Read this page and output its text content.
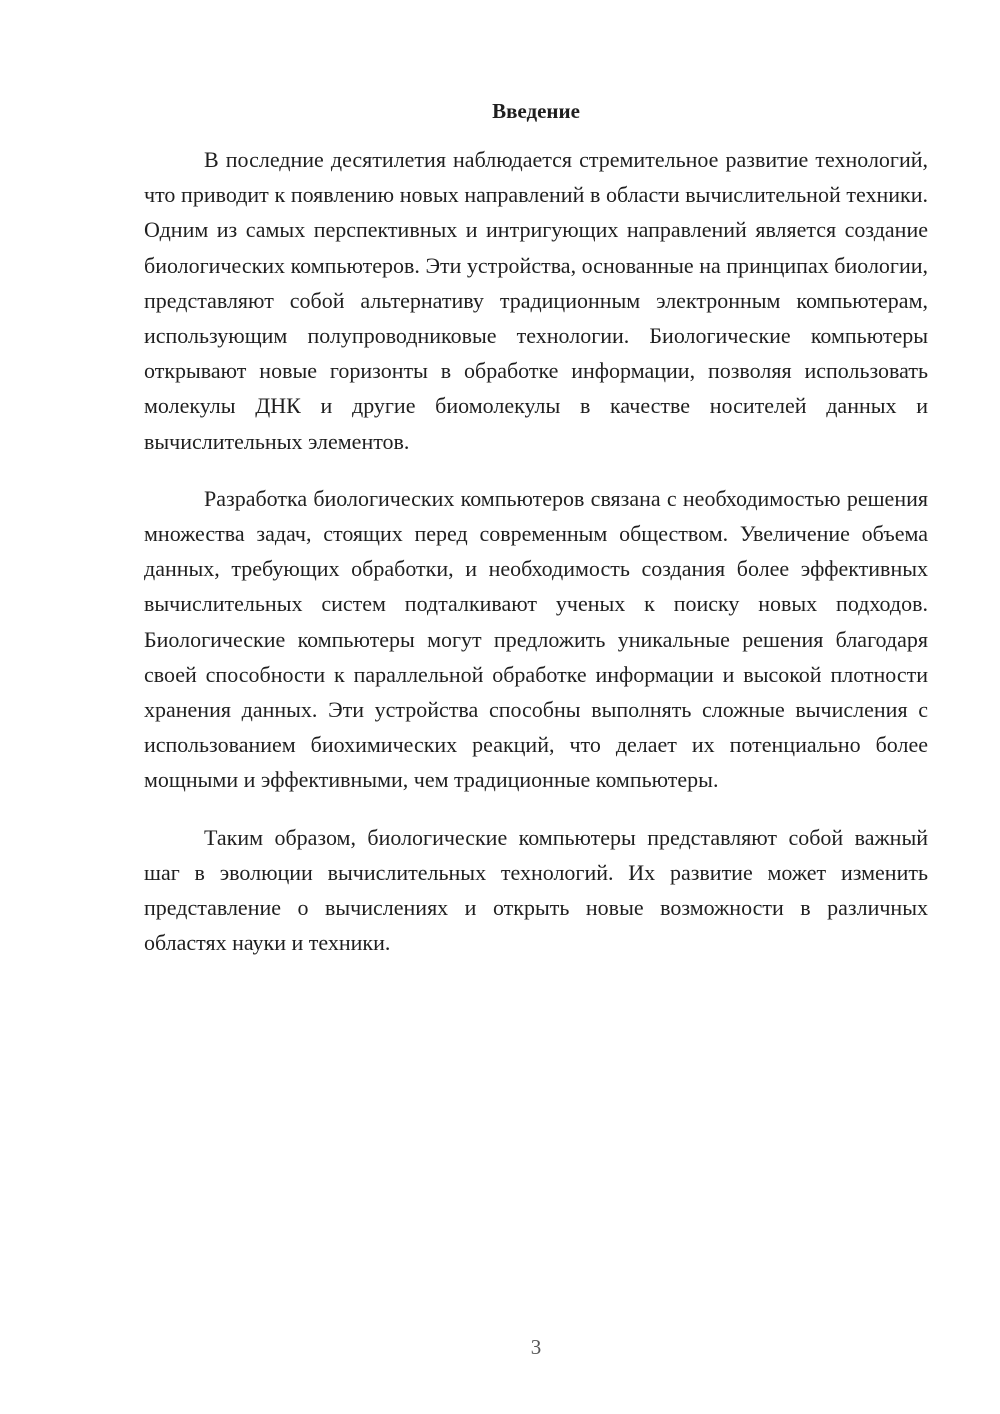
Введение

В последние десятилетия наблюдается стремительное развитие технологий, что приводит к появлению новых направлений в области вычислительной техники. Одним из самых перспективных и интригующих направлений является создание биологических компьютеров. Эти устройства, основанные на принципах биологии, представляют собой альтернативу традиционным электронным компьютерам, использующим полупроводниковые технологии. Биологические компьютеры открывают новые горизонты в обработке информации, позволяя использовать молекулы ДНК и другие биомолекулы в качестве носителей данных и вычислительных элементов.

Разработка биологических компьютеров связана с необходимостью решения множества задач, стоящих перед современным обществом. Увеличение объема данных, требующих обработки, и необходимость создания более эффективных вычислительных систем подталкивают ученых к поиску новых подходов. Биологические компьютеры могут предложить уникальные решения благодаря своей способности к параллельной обработке информации и высокой плотности хранения данных. Эти устройства способны выполнять сложные вычисления с использованием биохимических реакций, что делает их потенциально более мощными и эффективными, чем традиционные компьютеры.

Таким образом, биологические компьютеры представляют собой важный шаг в эволюции вычислительных технологий. Их развитие может изменить представление о вычислениях и открыть новые возможности в различных областях науки и техники.

3
